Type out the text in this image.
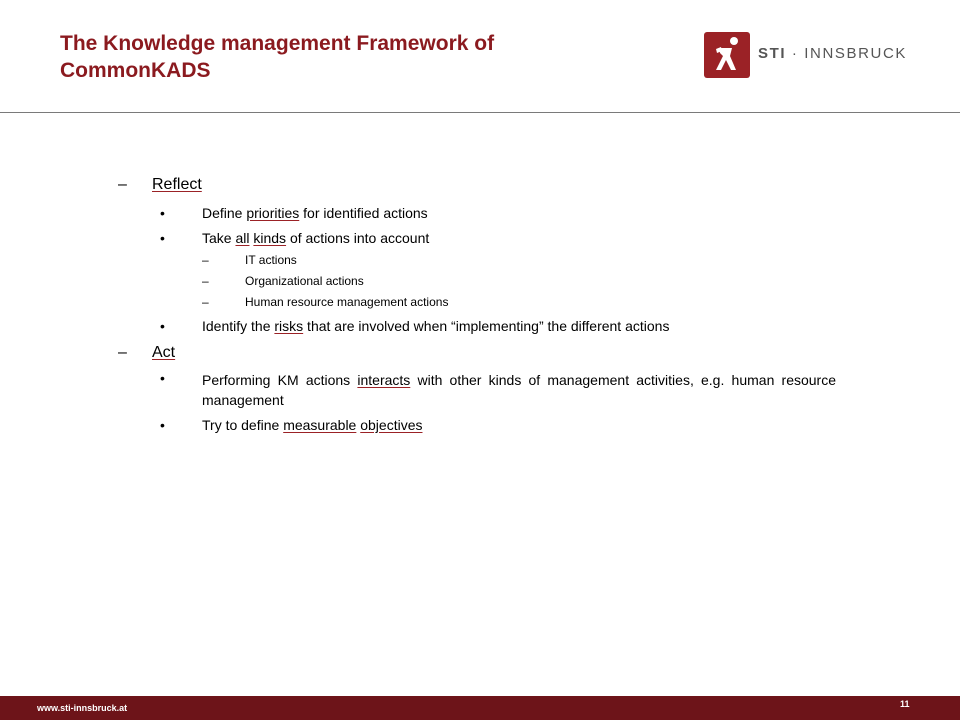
The Knowledge management Framework of
CommonKADS
STI · INNSBRUCK
– Reflect
•	Define priorities for identified actions
•	Take all kinds of actions into account
–	IT actions
–	Organizational actions
–	Human resource management actions
•	Identify the risks that are involved when “implementing” the different actions
– Act
•	Performing KM actions interacts with other kinds of management activities, e.g. human resource management
•	Try to define measurable objectives
www.sti-innsbruck.at	11
